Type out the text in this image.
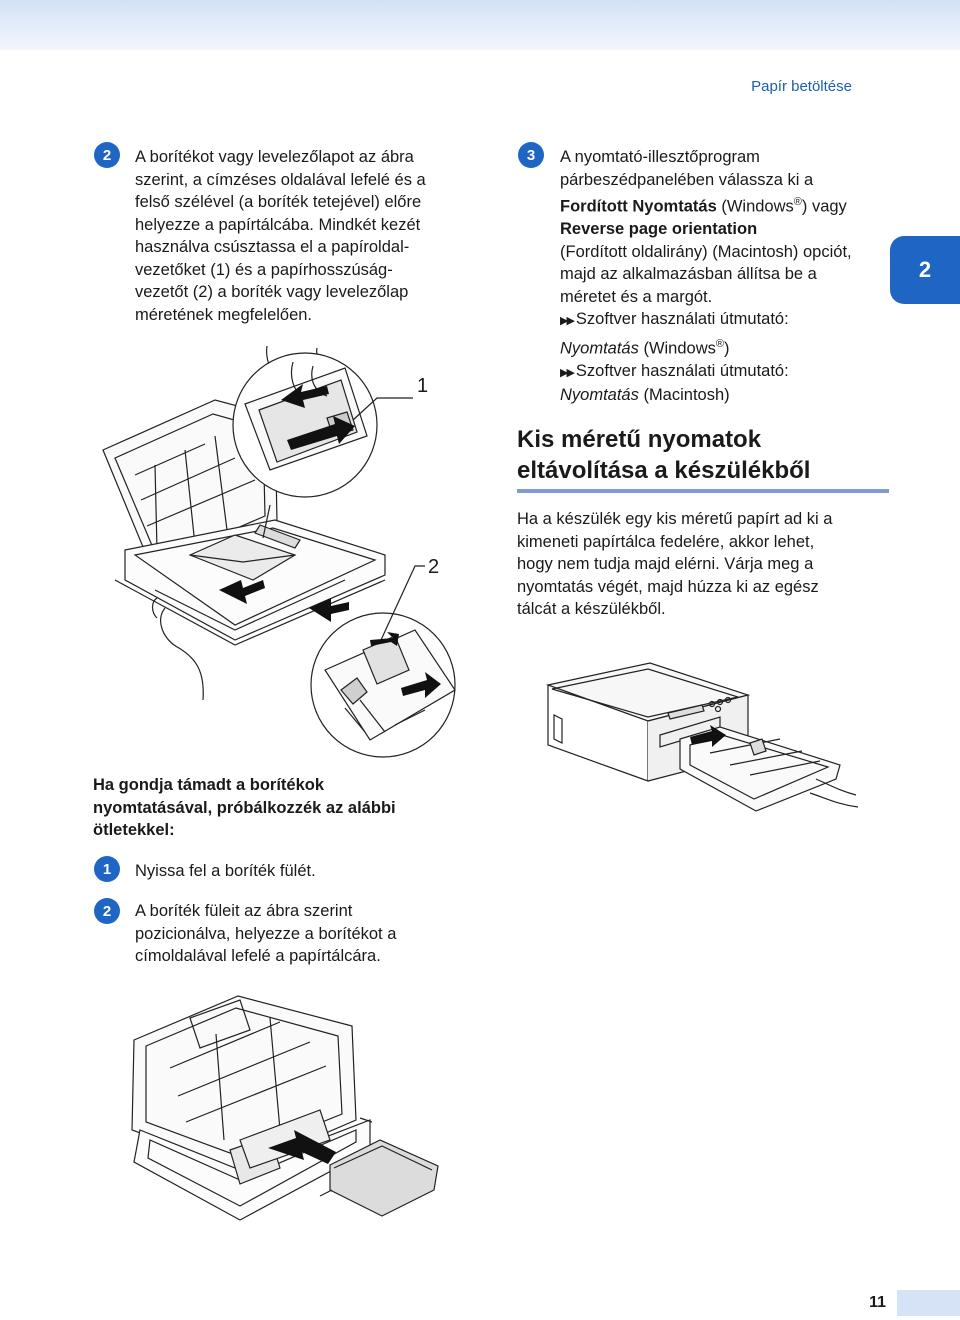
Papír betöltése
2
2	A borítékot vagy levelezőlapot az ábra
szerint, a címzéses oldalával lefelé és a
felső szélével (a boríték tetejével) előre
helyezze a papírtálcába. Mindkét kezét
használva csúsztassa el a papíroldal-
vezetőket (1) és a papírhosszúság-
vezetőt (2) a boríték vagy levelezőlap
méretének megfelelően.
1
2
Ha gondja támadt a borítékok
nyomtatásával, próbálkozzék az alábbi
ötletekkel:
1	Nyissa fel a boríték fülét.
2	A boríték füleit az ábra szerint
pozicionálva, helyezze a borítékot a
címoldalával lefelé a papírtálcára.
3	A nyomtató-illesztőprogram
párbeszédpanelében válassza ki a
Fordított Nyomtatás (Windows®) vagy
Reverse page orientation
(Fordított oldalirány) (Macintosh) opciót,
majd az alkalmazásban állítsa be a
méretet és a margót.
▶▶ Szoftver használati útmutató:
Nyomtatás (Windows®)
▶▶ Szoftver használati útmutató:
Nyomtatás (Macintosh)
Kis méretű nyomatok
eltávolítása a készülékből
Ha a készülék egy kis méretű papírt ad ki a
kimeneti papírtálca fedelére, akkor lehet,
hogy nem tudja majd elérni. Várja meg a
nyomtatás végét, majd húzza ki az egész
tálcát a készülékből.
11
